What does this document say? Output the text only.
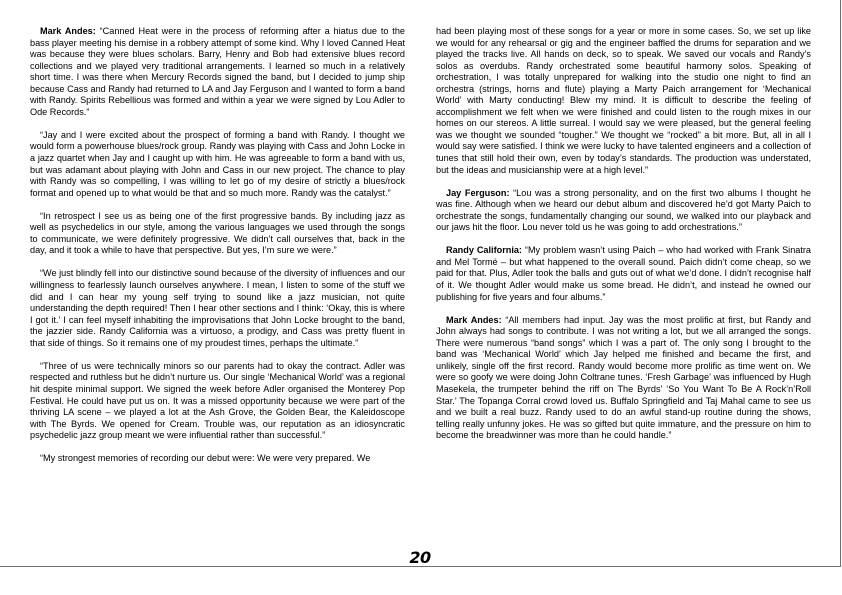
Mark Andes: “Canned Heat were in the process of reforming after a hiatus due to the bass player meeting his demise in a robbery attempt of some kind. Why I loved Canned Heat was because they were blues scholars. Barry, Henry and Bob had extensive blues record collections and we played very traditional arrangements. I learned so much in a relatively short time. I was there when Mercury Records signed the band, but I decided to jump ship because Cass and Randy had returned to LA and Jay Ferguson and I wanted to form a band with Randy. Spirits Rebellious was formed and within a year we were signed by Lou Adler to Ode Records.”

“Jay and I were excited about the prospect of forming a band with Randy. I thought we would form a powerhouse blues/rock group. Randy was playing with Cass and John Locke in a jazz quartet when Jay and I caught up with him. He was agreeable to form a band with us, but was adamant about playing with John and Cass in our new project. The chance to play with Randy was so compelling, I was willing to let go of my desire of strictly a blues/rock format and opened up to what would be that and so much more. Randy was the catalyst.”

“In retrospect I see us as being one of the first progressive bands. By including jazz as well as psychedelics in our style, among the various languages we used through the songs to communicate, we were definitely progressive. We didn’t call ourselves that, back in the day, and it took a while to have that perspective. But yes, I’m sure we were.”

“We just blindly fell into our distinctive sound because of the diversity of influences and our willingness to fearlessly launch ourselves anywhere. I mean, I listen to some of the stuff we did and I can hear my young self trying to sound like a jazz musician, not quite understanding the depth required! Then I hear other sections and I think: ‘Okay, this is where I got it.’ I can feel myself inhabiting the improvisations that John Locke brought to the band, the jazzier side. Randy California was a virtuoso, a prodigy, and Cass was pretty fluent in that side of things. So it remains one of my proudest times, perhaps the ultimate.”

“Three of us were technically minors so our parents had to okay the contract. Adler was respected and ruthless but he didn’t nurture us. Our single ‘Mechanical World’ was a regional hit despite minimal support. We signed the week before Adler organised the Monterey Pop Festival. He could have put us on. It was a missed opportunity because we were part of the thriving LA scene – we played a lot at the Ash Grove, the Golden Bear, the Kaleidoscope with The Byrds. We opened for Cream. Trouble was, our reputation as an idiosyncratic psychedelic jazz group meant we were influential rather than successful.”

“My strongest memories of recording our debut were: We were very prepared. We

had been playing most of these songs for a year or more in some cases. So, we set up like we would for any rehearsal or gig and the engineer baffled the drums for separation and we played the tracks live. All hands on deck, so to speak. We saved our vocals and Randy’s solos as overdubs. Randy orchestrated some beautiful harmony solos. Speaking of orchestration, I was totally unprepared for walking into the studio one night to find an orchestra (strings, horns and flute) playing a Marty Paich arrangement for ‘Mechanical World’ with Marty conducting! Blew my mind. It is difficult to describe the feeling of accomplishment we felt when we were finished and could listen to the rough mixes in our homes on our stereos. A little surreal. I would say we were pleased, but the general feeling was we thought we sounded “tougher.” We thought we “rocked” a bit more. But, all in all I would say were satisfied. I think we were lucky to have talented engineers and a collection of tunes that still hold their own, even by today’s standards. The production was understated, but the ideas and musicianship were at a high level.”

Jay Ferguson: “Lou was a strong personality, and on the first two albums I thought he was fine. Although when we heard our debut album and discovered he’d got Marty Paich to orchestrate the songs, fundamentally changing our sound, we walked into our playback and our jaws hit the floor. Lou never told us he was going to add orchestrations.”

Randy California: “My problem wasn’t using Paich – who had worked with Frank Sinatra and Mel Tormé – but what happened to the overall sound. Paich didn’t come cheap, so we paid for that. Plus, Adler took the balls and guts out of what we’d done. I didn’t recognise half of it. We thought Adler would make us some bread. He didn’t, and instead he owned our publishing for five years and four albums.”

Mark Andes: “All members had input. Jay was the most prolific at first, but Randy and John always had songs to contribute. I was not writing a lot, but we all arranged the songs. There were numerous “band songs” which I was a part of. The only song I brought to the band was ‘Mechanical World’ which Jay helped me finished and became the first, and unlikely, single off the first record. Randy would become more prolific as time went on. We were so goofy we were doing John Coltrane tunes. ‘Fresh Garbage’ was influenced by Hugh Masekela, the trumpeter behind the riff on The Byrds’ ‘So You Want To Be A Rock’n’Roll Star.’ The Topanga Corral crowd loved us. Buffalo Springfield and Taj Mahal came to see us and we built a real buzz. Randy used to do an awful stand-up routine during the shows, telling really unfunny jokes. He was so gifted but quite immature, and the pressure on him to become the breadwinner was more than he could handle.”

20
